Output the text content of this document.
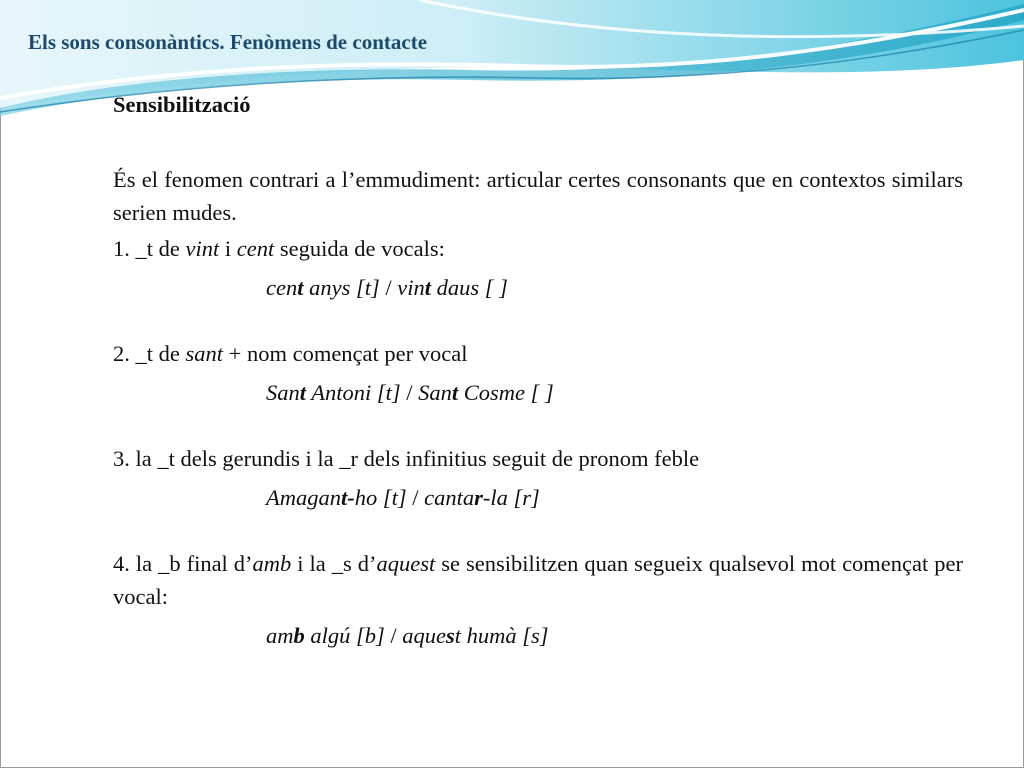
Els sons consonàntics. Fenòmens de contacte

Sensibilització

És el fenomen contrari a l’emmudiment: articular certes consonants que en contextos similars serien mudes.

1. _t de vint i cent seguida de vocals:

cent anys [t] / vint daus [ ]

2. _t de sant + nom començat per vocal

Sant Antoni [t] / Sant Cosme [ ]

3. la _t dels gerundis i la _r dels infinitius seguit de pronom feble

Amagant-ho [t] / cantar-la [r]

4. la _b final d’amb i la _s d’aquest se sensibilitzen quan segueix qualsevol mot començat per vocal:

amb algú [b] / aquest humà [s]
